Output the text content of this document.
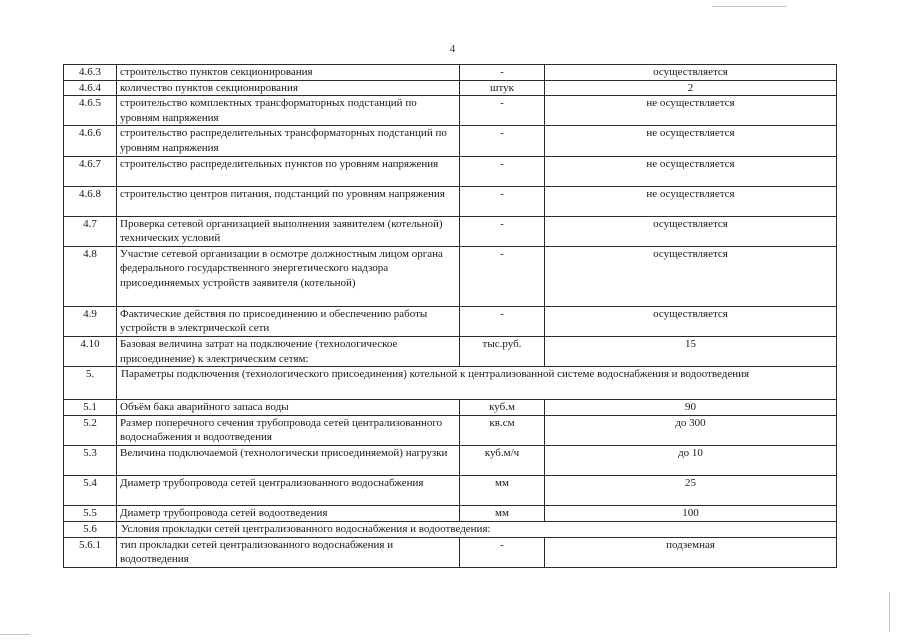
4
4.6.3	строительство пунктов секционирования	-	осуществляется
4.6.4	количество пунктов секционирования	штук	2
4.6.5	строительство комплектных трансформаторных подстанций по уровням напряжения	-	не осуществляется
4.6.6	строительство распределительных трансформаторных подстанций по уровням напряжения	-	не осуществляется
4.6.7	строительство распределительных пунктов по уровням напряжения	-	не осуществляется
4.6.8	строительство центров питания, подстанций по уровням напряжения	-	не осуществляется
4.7	Проверка сетевой организацией выполнения заявителем (котельной) технических условий	-	осуществляется
4.8	Участие сетевой организации в осмотре должностным лицом органа федерального государственного энергетического надзора присоединяемых устройств заявителя (котельной)	-	осуществляется
4.9	Фактические действия по присоединению и обеспечению работы устройств в электрической сети	-	осуществляется
4.10	Базовая величина затрат на подключение (технологическое присоединение) к электрическим сетям:	тыс.руб.	15
5.	Параметры подключения (технологического присоединения) котельной к централизованной системе водоснабжения и водоотведения		
5.1	Объём бака аварийного запаса воды	куб.м	90
5.2	Размер поперечного сечения трубопровода сетей централизованного водоснабжения и водоотведения	кв.см	до 300
5.3	Величина подключаемой (технологически присоединяемой) нагрузки	куб.м/ч	до 10
5.4	Диаметр трубопровода сетей централизованного водоснабжения	мм	25
5.5	Диаметр трубопровода сетей водоотведения	мм	100
5.6	Условия прокладки сетей централизованного водоснабжения и водоотведения:		
5.6.1	тип прокладки сетей централизованного водоснабжения и водоотведения	-	подземная
